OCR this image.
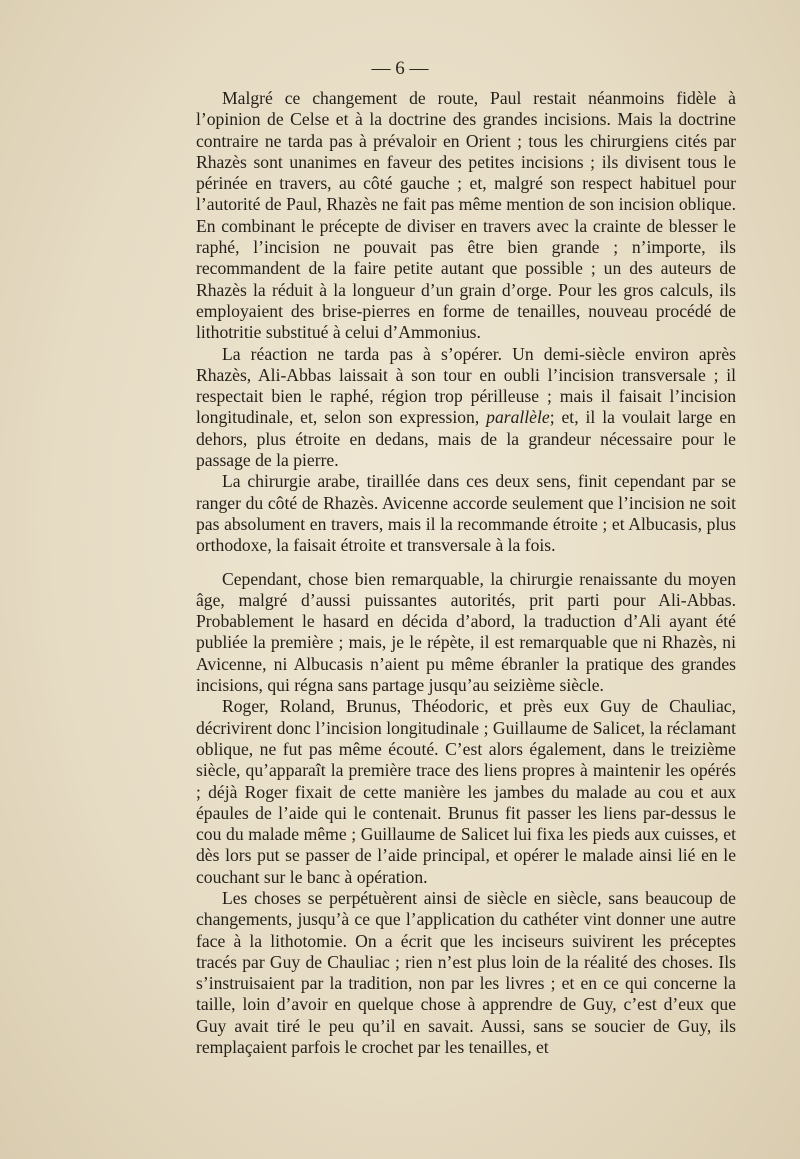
— 6 —

Malgré ce changement de route, Paul restait néanmoins fidèle à l’opinion de Celse et à la doctrine des grandes incisions. Mais la doctrine contraire ne tarda pas à prévaloir en Orient ; tous les chirurgiens cités par Rhazès sont unanimes en faveur des petites incisions ; ils divisent tous le périnée en travers, au côté gauche ; et, malgré son respect habituel pour l’autorité de Paul, Rhazès ne fait pas même mention de son incision oblique. En combinant le précepte de diviser en travers avec la crainte de blesser le raphé, l’incision ne pouvait pas être bien grande ; n’importe, ils recommandent de la faire petite autant que possible ; un des auteurs de Rhazès la réduit à la longueur d’un grain d’orge. Pour les gros calculs, ils employaient des brise-pierres en forme de tenailles, nouveau procédé de lithotritie substitué à celui d’Ammonius.

La réaction ne tarda pas à s’opérer. Un demi-siècle environ après Rhazès, Ali-Abbas laissait à son tour en oubli l’incision transversale ; il respectait bien le raphé, région trop périlleuse ; mais il faisait l’incision longitudinale, et, selon son expression, parallèle; et, il la voulait large en dehors, plus étroite en dedans, mais de la grandeur nécessaire pour le passage de la pierre.

La chirurgie arabe, tiraillée dans ces deux sens, finit cependant par se ranger du côté de Rhazès. Avicenne accorde seulement que l’incision ne soit pas absolument en travers, mais il la recommande étroite ; et Albucasis, plus orthodoxe, la faisait étroite et transversale à la fois.

Cependant, chose bien remarquable, la chirurgie renaissante du moyen âge, malgré d’aussi puissantes autorités, prit parti pour Ali-Abbas. Probablement le hasard en décida d’abord, la traduction d’Ali ayant été publiée la première ; mais, je le répète, il est remarquable que ni Rhazès, ni Avicenne, ni Albucasis n’aient pu même ébranler la pratique des grandes incisions, qui régna sans partage jusqu’au seizième siècle.

Roger, Roland, Brunus, Théodoric, et près eux Guy de Chauliac, décrivirent donc l’incision longitudinale ; Guillaume de Salicet, la réclamant oblique, ne fut pas même écouté. C’est alors également, dans le treizième siècle, qu’apparaît la première trace des liens propres à maintenir les opérés ; déjà Roger fixait de cette manière les jambes du malade au cou et aux épaules de l’aide qui le contenait. Brunus fit passer les liens par-dessus le cou du malade même ; Guillaume de Salicet lui fixa les pieds aux cuisses, et dès lors put se passer de l’aide principal, et opérer le malade ainsi lié en le couchant sur le banc à opération.

Les choses se perpétuèrent ainsi de siècle en siècle, sans beaucoup de changements, jusqu’à ce que l’application du cathéter vint donner une autre face à la lithotomie. On a écrit que les inciseurs suivirent les préceptes tracés par Guy de Chauliac ; rien n’est plus loin de la réalité des choses. Ils s’instruisaient par la tradition, non par les livres ; et en ce qui concerne la taille, loin d’avoir en quelque chose à apprendre de Guy, c’est d’eux que Guy avait tiré le peu qu’il en savait. Aussi, sans se soucier de Guy, ils remplaçaient parfois le crochet par les tenailles, et
